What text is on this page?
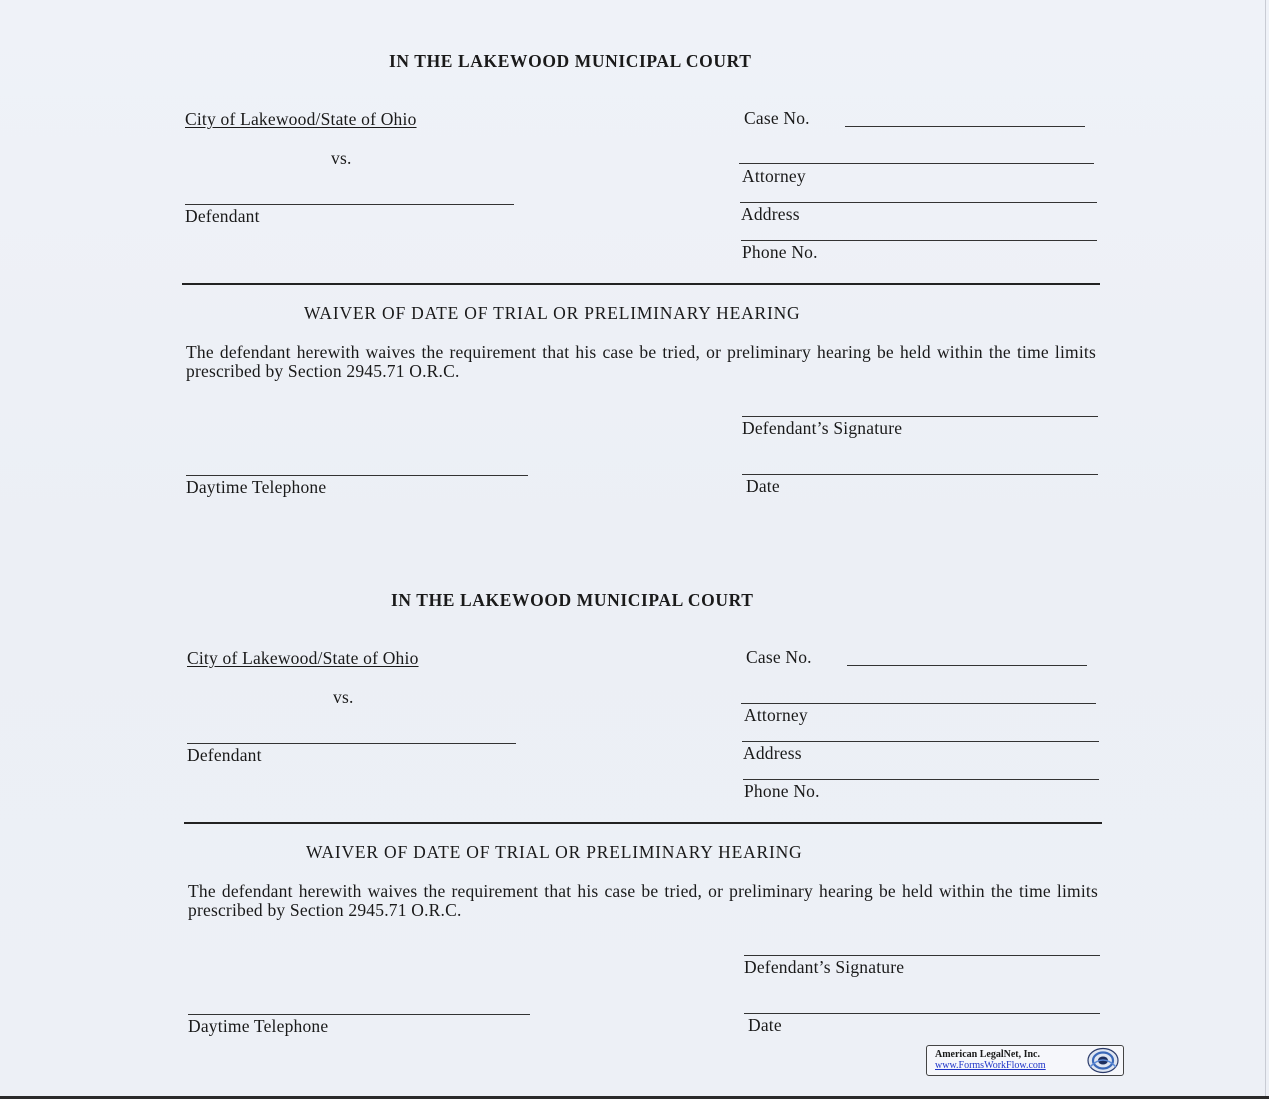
IN THE LAKEWOOD MUNICIPAL COURT
City of Lakewood/State of Ohio
vs.
Defendant
Case No.
Attorney
Address
Phone No.
WAIVER OF DATE OF TRIAL OR PRELIMINARY HEARING
The defendant herewith waives the requirement that his case be tried, or preliminary hearing be held within the time limits prescribed by Section 2945.71 O.R.C.
Defendant’s Signature
Daytime Telephone	Date
IN THE LAKEWOOD MUNICIPAL COURT
City of Lakewood/State of Ohio
vs.
Defendant
Case No.
Attorney
Address
Phone No.
WAIVER OF DATE OF TRIAL OR PRELIMINARY HEARING
The defendant herewith waives the requirement that his case be tried, or preliminary hearing be held within the time limits prescribed by Section 2945.71 O.R.C.
Defendant’s Signature
Daytime Telephone	Date
American LegalNet, Inc.
www.FormsWorkFlow.com
